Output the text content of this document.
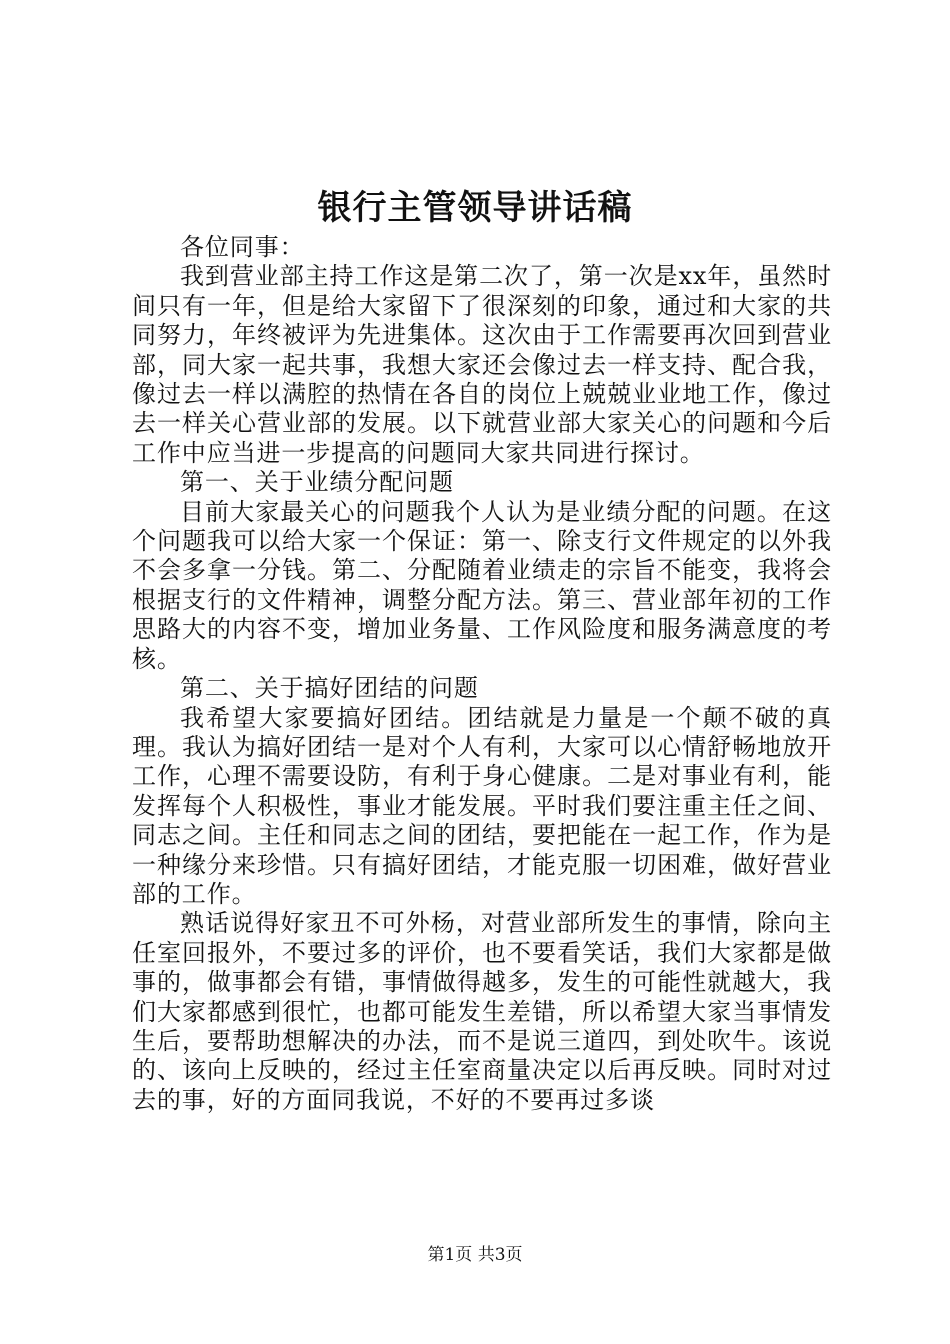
银行主管领导讲话稿

各位同事：

我到营业部主持工作这是第二次了，第一次是xx年，虽然时间只有一年，但是给大家留下了很深刻的印象，通过和大家的共同努力，年终被评为先进集体。这次由于工作需要再次回到营业部，同大家一起共事，我想大家还会像过去一样支持、配合我，像过去一样以满腔的热情在各自的岗位上兢兢业业地工作，像过去一样关心营业部的发展。以下就营业部大家关心的问题和今后工作中应当进一步提高的问题同大家共同进行探讨。

第一、关于业绩分配问题

目前大家最关心的问题我个人认为是业绩分配的问题。在这个问题我可以给大家一个保证：第一、除支行文件规定的以外我不会多拿一分钱。第二、分配随着业绩走的宗旨不能变，我将会根据支行的文件精神，调整分配方法。第三、营业部年初的工作思路大的内容不变，增加业务量、工作风险度和服务满意度的考核。

第二、关于搞好团结的问题

我希望大家要搞好团结。团结就是力量是一个颠不破的真理。我认为搞好团结一是对个人有利，大家可以心情舒畅地放开工作，心理不需要设防，有利于身心健康。二是对事业有利，能发挥每个人积极性，事业才能发展。平时我们要注重主任之间、同志之间。主任和同志之间的团结，要把能在一起工作，作为是一种缘分来珍惜。只有搞好团结，才能克服一切困难，做好营业部的工作。

熟话说得好家丑不可外杨，对营业部所发生的事情，除向主任室回报外，不要过多的评价，也不要看笑话，我们大家都是做事的，做事都会有错，事情做得越多，发生的可能性就越大，我们大家都感到很忙，也都可能发生差错，所以希望大家当事情发生后，要帮助想解决的办法，而不是说三道四，到处吹牛。该说的、该向上反映的，经过主任室商量决定以后再反映。同时对过去的事，好的方面同我说，不好的不要再过多谈

第1页 共3页
